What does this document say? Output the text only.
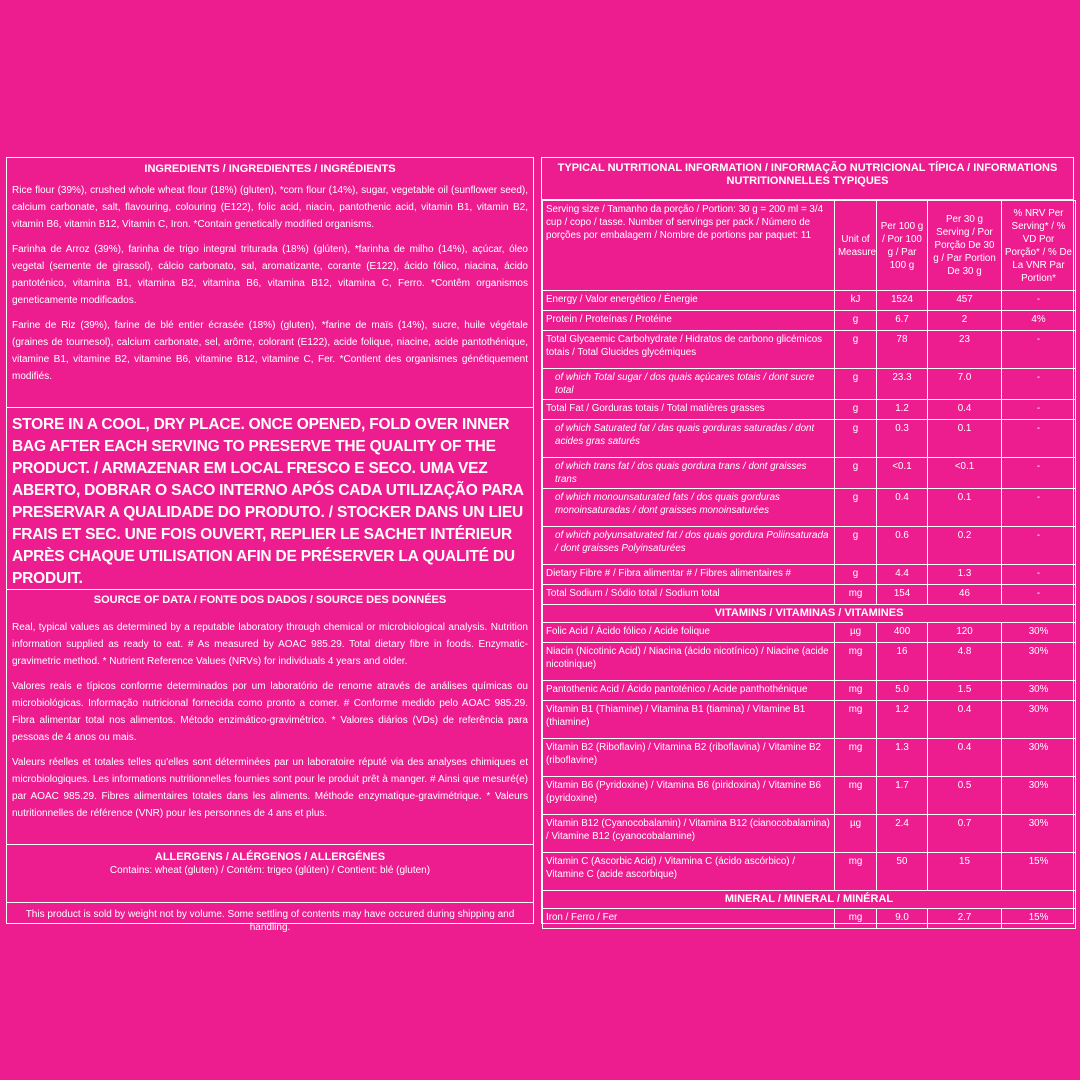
INGREDIENTS / INGREDIENTES / INGRÉDIENTS

Rice flour (39%), crushed whole wheat flour (18%) (gluten), *corn flour (14%), sugar, vegetable oil (sunflower seed), calcium carbonate, salt, flavouring, colouring (E122), folic acid, niacin, pantothenic acid, vitamin B1, vitamin B2, vitamin B6, vitamin B12, Vitamin C, Iron. *Contain genetically modified organisms.

Farinha de Arroz (39%), farinha de trigo integral triturada (18%) (glúten), *farinha de milho (14%), açúcar, óleo vegetal (semente de girassol), cálcio carbonato, sal, aromatizante, corante (E122), ácido fólico, niacina, ácido pantoténico, vitamina B1, vitamina B2, vitamina B6, vitamina B12, vitamina C, Ferro. *Contêm organismos geneticamente modificados.

Farine de Riz (39%), farine de blé entier écrasée (18%) (gluten), *farine de maïs (14%), sucre, huile végétale (graines de tournesol), calcium carbonate, sel, arôme, colorant (E122), acide folique, niacine, acide pantothénique, vitamine B1, vitamine B2, vitamine B6, vitamine B12, vitamine C, Fer. *Contient des organismes génétiquement modifiés.

STORE IN A COOL, DRY PLACE. ONCE OPENED, FOLD OVER INNER BAG AFTER EACH SERVING TO PRESERVE THE QUALITY OF THE PRODUCT. / ARMAZENAR EM LOCAL FRESCO E SECO. UMA VEZ ABERTO, DOBRAR O SACO INTERNO APÓS CADA UTILIZAÇÃO PARA PRESERVAR A QUALIDADE DO PRODUTO. / STOCKER DANS UN LIEU FRAIS ET SEC. UNE FOIS OUVERT, REPLIER LE SACHET INTÉRIEUR APRÈS CHAQUE UTILISATION AFIN DE PRÉSERVER LA QUALITÉ DU PRODUIT.
SOURCE OF DATA / FONTE DOS DADOS / SOURCE DES DONNÉES

Real, typical values as determined by a reputable laboratory through chemical or microbiological analysis. Nutrition information supplied as ready to eat. # As measured by AOAC 985.29. Total dietary fibre in foods. Enzymatic-gravimetric method. * Nutrient Reference Values (NRVs) for individuals 4 years and older.

Valores reais e típicos conforme determinados por um laboratório de renome através de análises químicas ou microbiológicas. Informação nutricional fornecida como pronto a comer. # Conforme medido pelo AOAC 985.29. Fibra alimentar total nos alimentos. Método enzimático-gravimétrico. * Valores diários (VDs) de referência para pessoas de 4 anos ou mais.

Valeurs réelles et totales telles qu'elles sont déterminées par un laboratoire réputé via des analyses chimiques et microbiologiques. Les informations nutritionnelles fournies sont pour le produit prêt à manger. # Ainsi que mesuré(e) par AOAC 985.29. Fibres alimentaires totales dans les aliments. Méthode enzymatique-gravimétrique. * Valeurs nutritionnelles de référence (VNR) pour les personnes de 4 ans et plus.

ALLERGENS / ALÉRGENOS / ALLERGÉNES
Contains: wheat (gluten) / Contém: trigeo (glúten) / Contient: blé (gluten)
This product is sold by weight not by volume. Some settling of contents may have occured during shipping and handling.
TYPICAL NUTRITIONAL INFORMATION / INFORMAÇÃO NUTRICIONAL TÍPICA / INFORMATIONS NUTRITIONNELLES TYPIQUES
Serving size / Tamanho da porção / Portion: 30 g = 200 ml = 3/4 cup / copo / tasse. Number of servings per pack / Número de porções por embalagem / Nombre de portions par paquet: 11	Unit of Measure	Per 100 g / Por 100 g / Par 100 g	Per 30 g Serving / Por Porção De 30 g / Par Portion De 30 g	% NRV Per Serving* / % VD Por Porção* / % De La VNR Par Portion*
Energy / Valor energético / Énergie	kJ	1524	457	-
Protein / Proteínas / Protéine	g	6.7	2	4%
Total Glycaemic Carbohydrate / Hidratos de carbono glicémicos totais / Total Glucides glycémiques	g	78	23	-
of which Total sugar / dos quais açúcares totais / dont sucre total	g	23.3	7.0	-
Total Fat / Gorduras totais / Total matières grasses	g	1.2	0.4	-
of which Saturated fat / das quais gorduras saturadas / dont acides gras saturés	g	0.3	0.1	-
of which trans fat / dos quais gordura trans / dont graisses trans	g	<0.1	<0.1	-
of which monounsaturated fats / dos quais gorduras monoinsaturadas / dont graisses monoinsaturées	g	0.4	0.1	-
of which polyunsaturated fat / dos quais gordura Poliinsaturada / dont graisses Polyinsaturées	g	0.6	0.2	-
Dietary Fibre # / Fibra alimentar # / Fibres alimentaires #	g	4.4	1.3	-
Total Sodium / Sódio total / Sodium total	mg	154	46	-
VITAMINS / VITAMINAS / VITAMINES				
Folic Acid / Ácido fólico / Acide folique	µg	400	120	30%
Niacin (Nicotinic Acid) / Niacina (ácido nicotínico) / Niacine (acide nicotinique)	mg	16	4.8	30%
Pantothenic Acid / Ácido pantoténico / Acide panthothénique	mg	5.0	1.5	30%
Vitamin B1 (Thiamine) / Vitamina B1 (tiamina) / Vitamine B1 (thiamine)	mg	1.2	0.4	30%
Vitamin B2 (Riboflavin) / Vitamina B2 (riboflavina) / Vitamine B2 (riboflavine)	mg	1.3	0.4	30%
Vitamin B6 (Pyridoxine) / Vitamina B6 (piridoxina) / Vitamine B6 (pyridoxine)	mg	1.7	0.5	30%
Vitamin B12 (Cyanocobalamin) / Vitamina B12 (cianocobalamina) / Vitamine B12 (cyanocobalamine)	µg	2.4	0.7	30%
Vitamin C (Ascorbic Acid) / Vitamina C (ácido ascórbico) / Vitamine C (acide ascorbique)	mg	50	15	15%
MINERAL / MINERAL / MINÉRAL				
Iron / Ferro / Fer	mg	9.0	2.7	15%
